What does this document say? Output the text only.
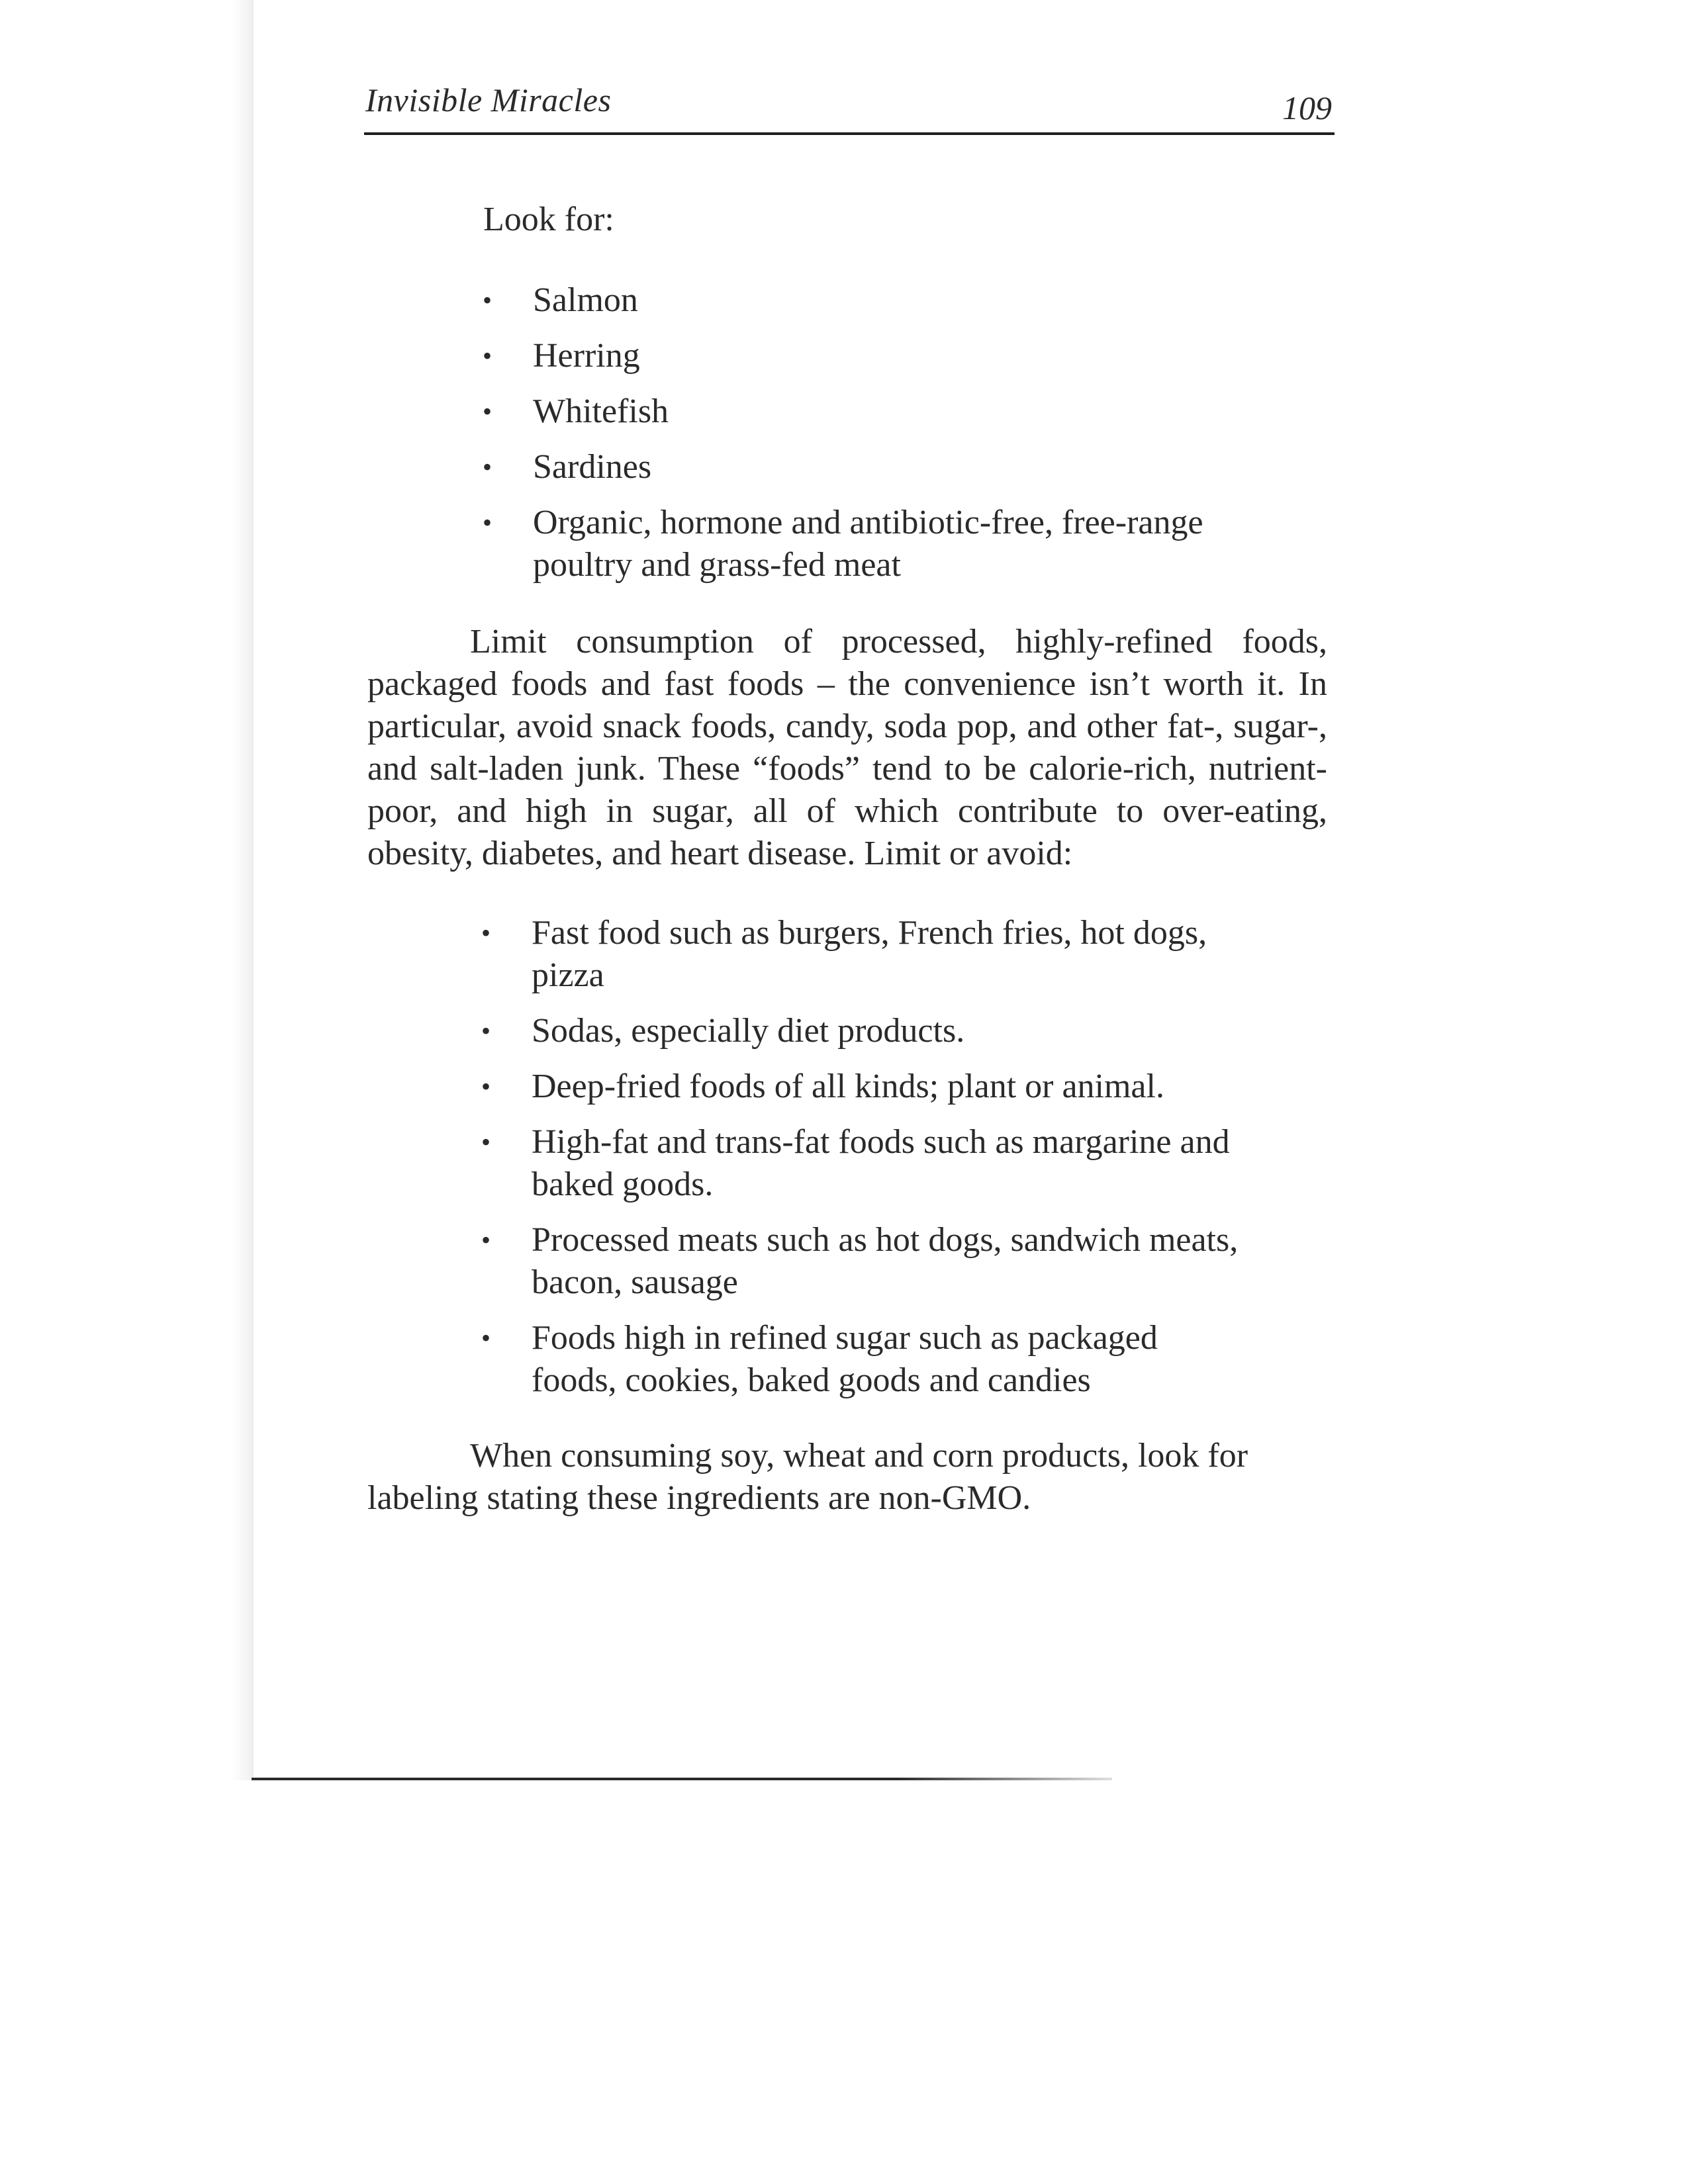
Invisible Miracles	109

Look for:

• Salmon
• Herring
• Whitefish
• Sardines
• Organic, hormone and antibiotic-free, free-range poultry and grass-fed meat

Limit consumption of processed, highly-refined foods, packaged foods and fast foods – the convenience isn’t worth it. In particular, avoid snack foods, candy, soda pop, and other fat-, sugar-, and salt-laden junk. These “foods” tend to be calorie-rich, nutrient-poor, and high in sugar, all of which contribute to over-eating, obesity, diabetes, and heart disease. Limit or avoid:

• Fast food such as burgers, French fries, hot dogs, pizza
• Sodas, especially diet products.
• Deep-fried foods of all kinds; plant or animal.
• High-fat and trans-fat foods such as margarine and baked goods.
• Processed meats such as hot dogs, sandwich meats, bacon, sausage
• Foods high in refined sugar such as packaged foods, cookies, baked goods and candies

When consuming soy, wheat and corn products, look for labeling stating these ingredients are non-GMO.
